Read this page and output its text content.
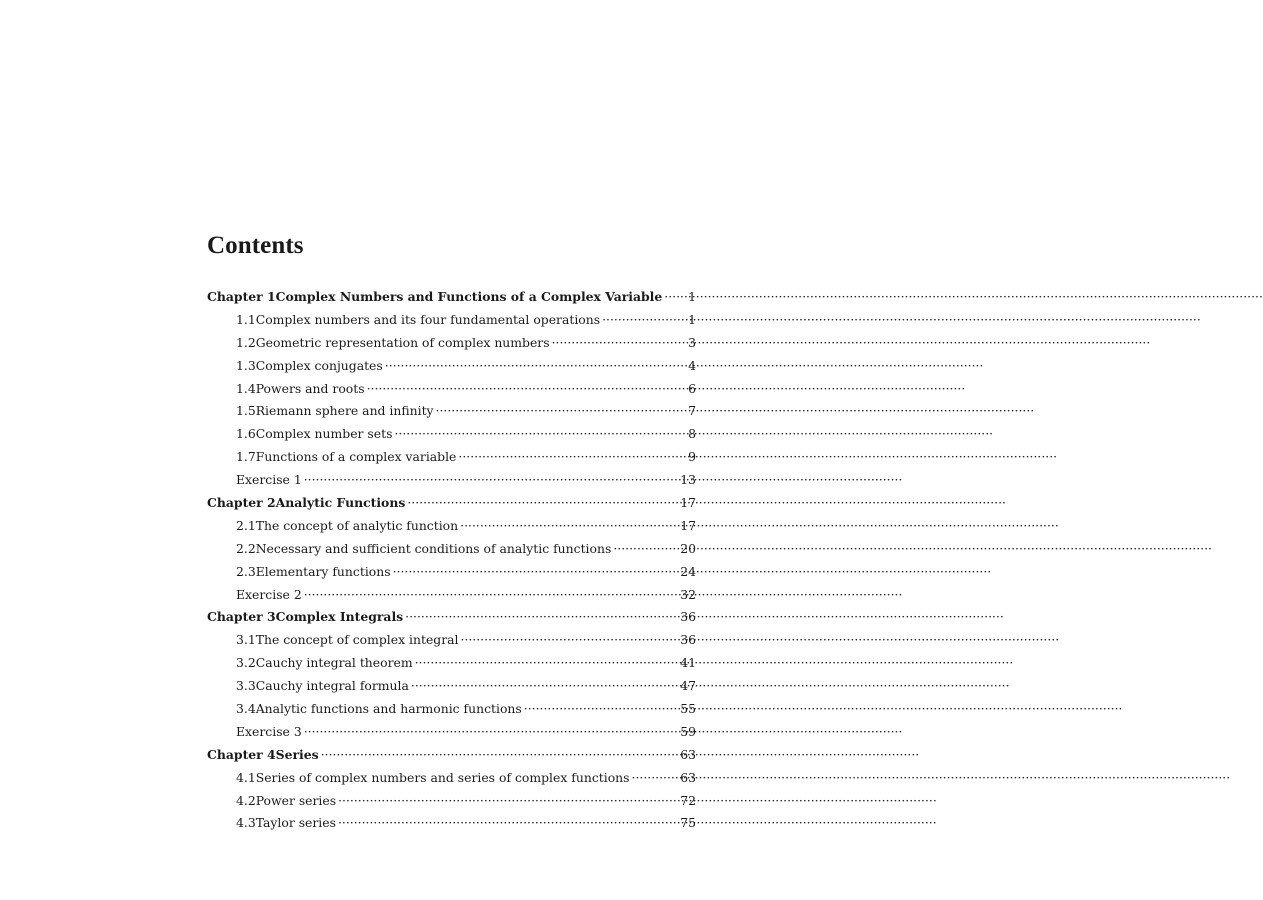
Contents
Chapter 1 Complex Numbers and Functions of a Complex Variable ·····	1
1.1 Complex numbers and its four fundamental operations ·····	1
1.2 Geometric representation of complex numbers ·····	3
1.3 Complex conjugates ·····	4
1.4 Powers and roots ·····	6
1.5 Riemann sphere and infinity ·····	7
1.6 Complex number sets ·····	8
1.7 Functions of a complex variable ·····	9
Exercise 1 ·····	13
Chapter 2 Analytic Functions ·····	17
2.1 The concept of analytic function ·····	17
2.2 Necessary and sufficient conditions of analytic functions ·····	20
2.3 Elementary functions ·····	24
Exercise 2 ·····	32
Chapter 3 Complex Integrals ·····	36
3.1 The concept of complex integral ·····	36
3.2 Cauchy integral theorem ·····	41
3.3 Cauchy integral formula ·····	47
3.4 Analytic functions and harmonic functions ·····	55
Exercise 3 ·····	59
Chapter 4 Series ·····	63
4.1 Series of complex numbers and series of complex functions ·····	63
4.2 Power series ·····	72
4.3 Taylor series ·····	75
